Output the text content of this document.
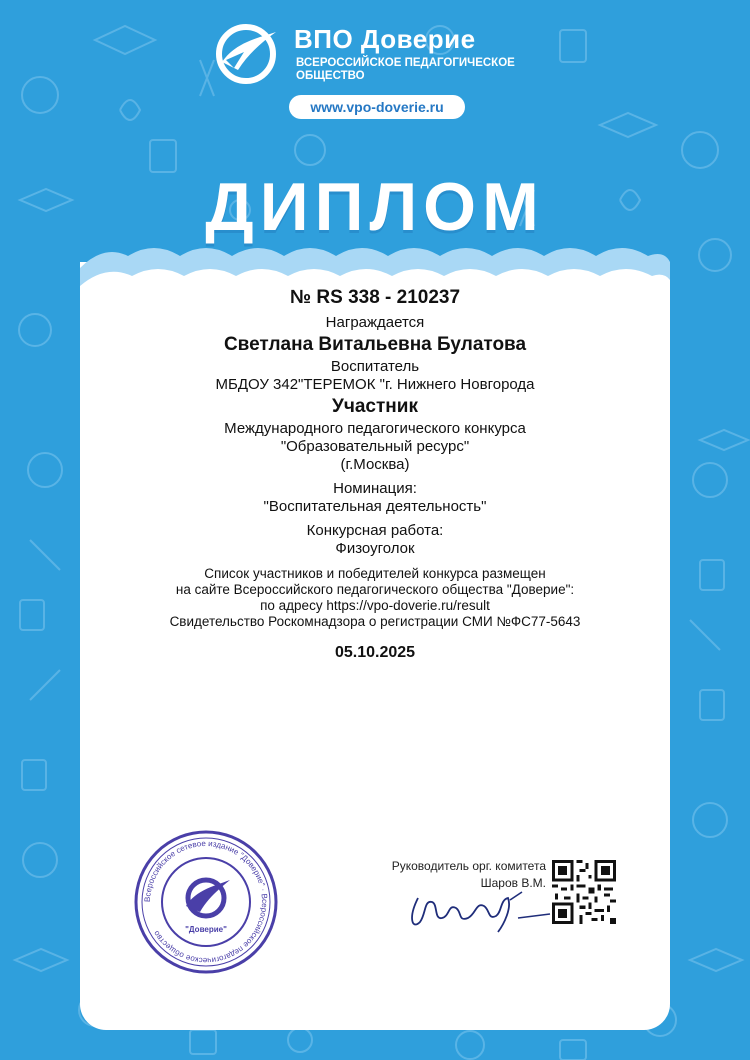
ВПО Доверие
ВСЕРОССИЙСКОЕ ПЕДАГОГИЧЕСКОЕ ОБЩЕСТВО
www.vpo-doverie.ru
ДИПЛОМ
№ RS 338 - 210237
Награждается
Светлана Витальевна Булатова
Воспитатель
МБДОУ 342"ТЕРЕМОК "г. Нижнего Новгорода
Участник
Международного педагогического конкурса
"Образовательный ресурс"
(г.Москва)
Номинация:
"Воспитательная деятельность"
Конкурсная работа:
Физоуголок
Список участников и победителей конкурса размещен
на сайте Всероссийского педагогического общества "Доверие":
по адресу https://vpo-doverie.ru/result
Свидетельство Роскомнадзора о регистрации СМИ №ФС77-5643
05.10.2025
Всероссийское сетевое издание "Доверие" · Всероссийское педагогическое общество	"Доверие"
Руководитель орг. комитета
Шаров В.М.
